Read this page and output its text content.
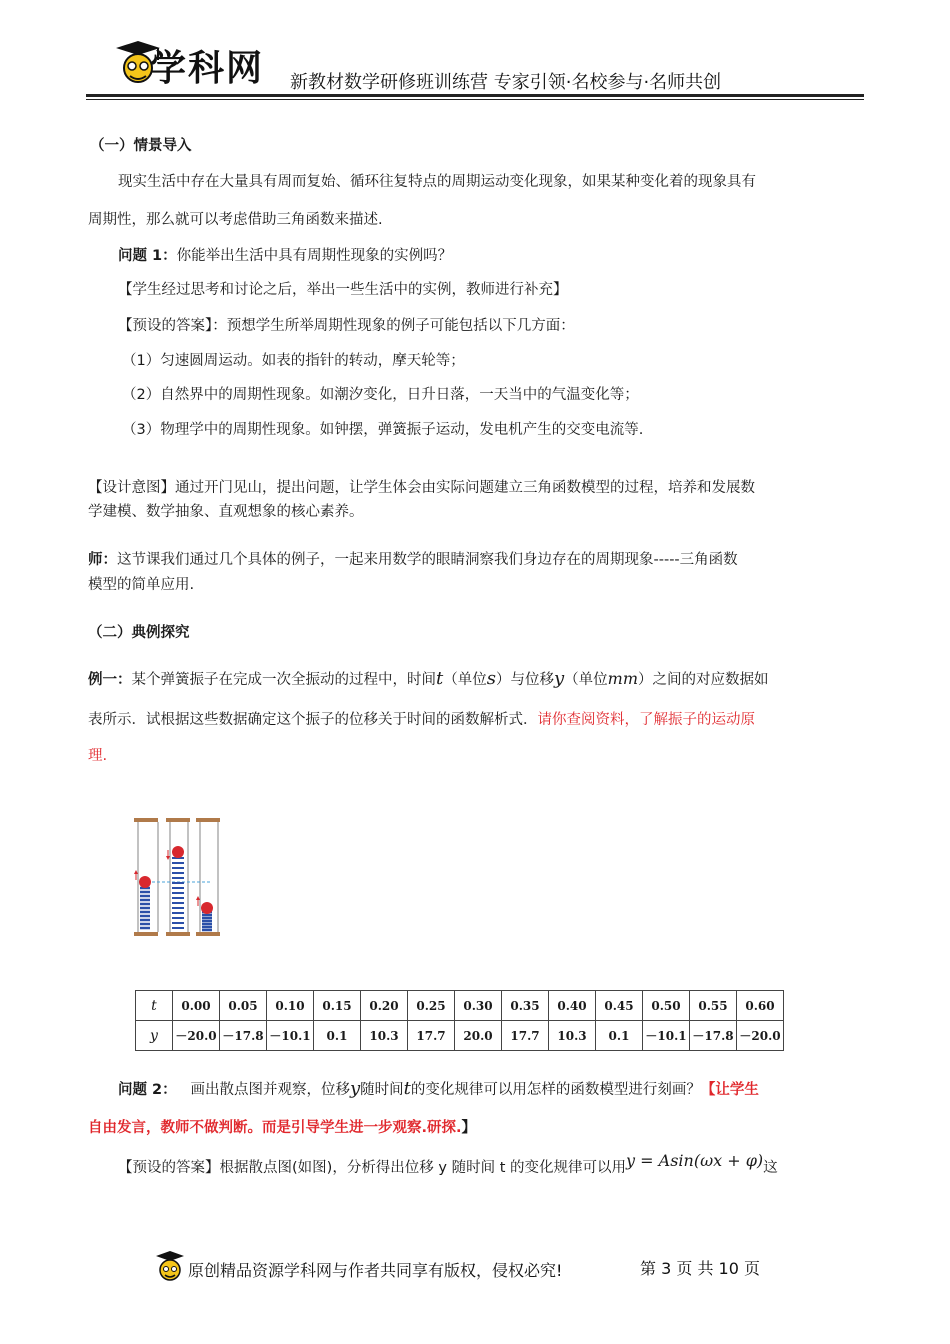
学科网 新教材数学研修班训练营 专家引领·名校参与·名师共创
（一）情景导入
现实生活中存在大量具有周而复始、循环往复特点的周期运动变化现象，如果某种变化着的现象具有
周期性，那么就可以考虑借助三角函数来描述.
问题 1：你能举出生活中具有周期性现象的实例吗？
【学生经过思考和讨论之后，举出一些生活中的实例，教师进行补充】
【预设的答案】：预想学生所举周期性现象的例子可能包括以下几方面：
（1）匀速圆周运动。如表的指针的转动，摩天轮等；
（2）自然界中的周期性现象。如潮汐变化，日升日落，一天当中的气温变化等；
（3）物理学中的周期性现象。如钟摆，弹簧振子运动，发电机产生的交变电流等.
【设计意图】通过开门见山，提出问题，让学生体会由实际问题建立三角函数模型的过程，培养和发展数
学建模、数学抽象、直观想象的核心素养。
师：这节课我们通过几个具体的例子，一起来用数学的眼睛洞察我们身边存在的周期现象-----三角函数
模型的简单应用.
（二）典例探究
例一：某个弹簧振子在完成一次全振动的过程中，时间t（单位s）与位移y（单位mm）之间的对应数据如
表所示．试根据这些数据确定这个振子的位移关于时间的函数解析式．请你查阅资料，了解振子的运动原
理.
t	0.00	0.05	0.10	0.15	0.20	0.25	0.30	0.35	0.40	0.45	0.50	0.55	0.60
y	－20.0	－17.8	－10.1	0.1	10.3	17.7	20.0	17.7	10.3	0.1	－10.1	－17.8	－20.0
问题 2： 画出散点图并观察，位移y随时间t的变化规律可以用怎样的函数模型进行刻画？【让学生
自由发言，教师不做判断。而是引导学生进一步观察.研探.】
【预设的答案】根据散点图(如图)，分析得出位移 y 随时间 t 的变化规律可以用y = Asin(ωx + φ)这
原创精品资源学科网与作者共同享有版权，侵权必究!	第 3 页 共 10 页
